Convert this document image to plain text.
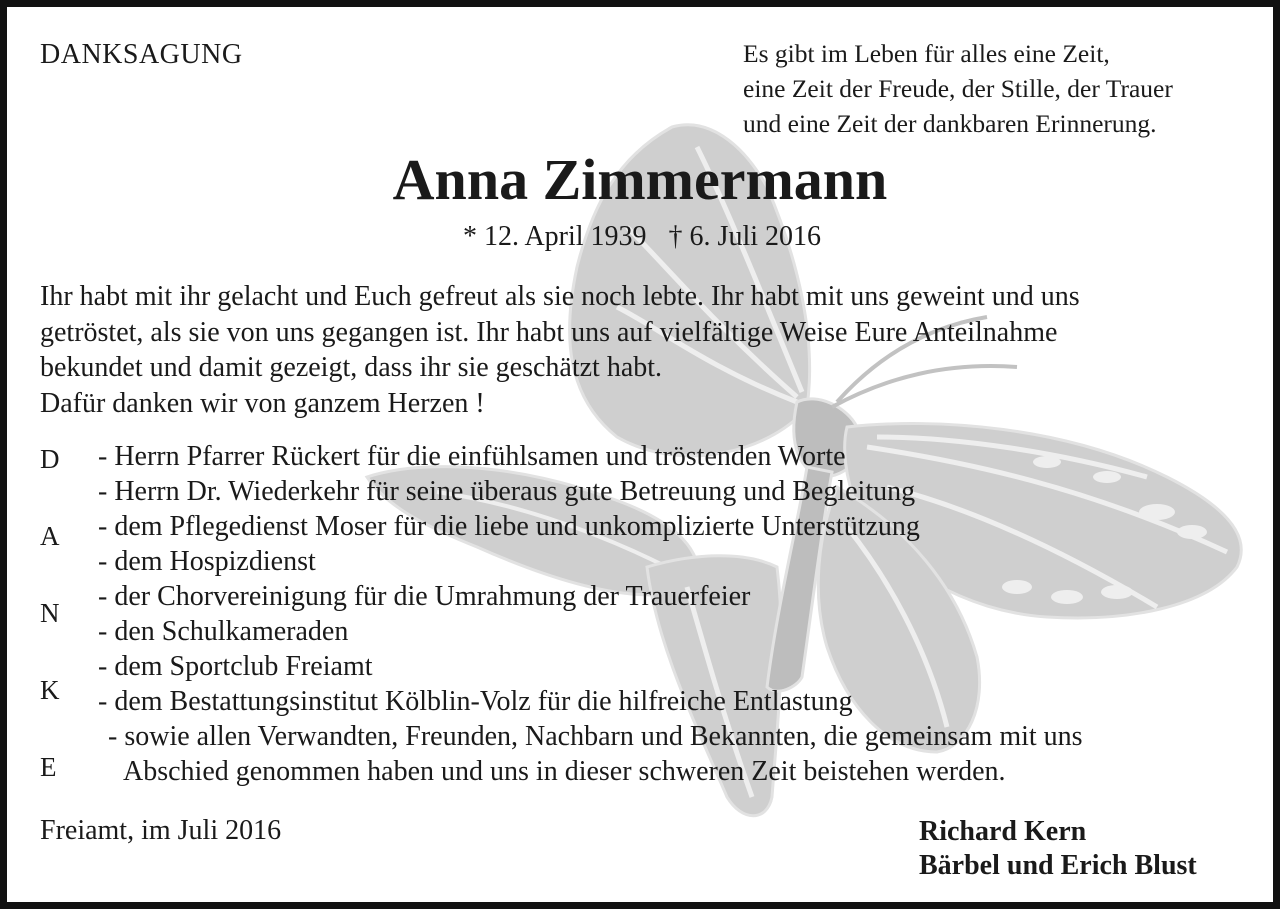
DANKSAGUNG	Es gibt im Leben für alles eine Zeit,
eine Zeit der Freude, der Stille, der Trauer
und eine Zeit der dankbaren Erinnerung.
Anna Zimmermann
* 12. April 1939 † 6. Juli 2016
Ihr habt mit ihr gelacht und Euch gefreut als sie noch lebte. Ihr habt mit uns geweint und uns
getröstet, als sie von uns gegangen ist. Ihr habt uns auf vielfältige Weise Eure Anteilnahme
bekundet und damit gezeigt, dass ihr sie geschätzt habt.
Dafür danken wir von ganzem Herzen !
D
A
N
K
E
- Herrn Pfarrer Rückert für die einfühlsamen und tröstenden Worte
- Herrn Dr. Wiederkehr für seine überaus gute Betreuung und Begleitung
- dem Pflegedienst Moser für die liebe und unkomplizierte Unterstützung
- dem Hospizdienst
- der Chorvereinigung für die Umrahmung der Trauerfeier
- den Schulkameraden
- dem Sportclub Freiamt
- dem Bestattungsinstitut Kölblin-Volz für die hilfreiche Entlastung
- sowie allen Verwandten, Freunden, Nachbarn und Bekannten, die gemeinsam mit uns
Abschied genommen haben und uns in dieser schweren Zeit beistehen werden.
Freiamt, im Juli 2016	Richard Kern
Bärbel und Erich Blust
